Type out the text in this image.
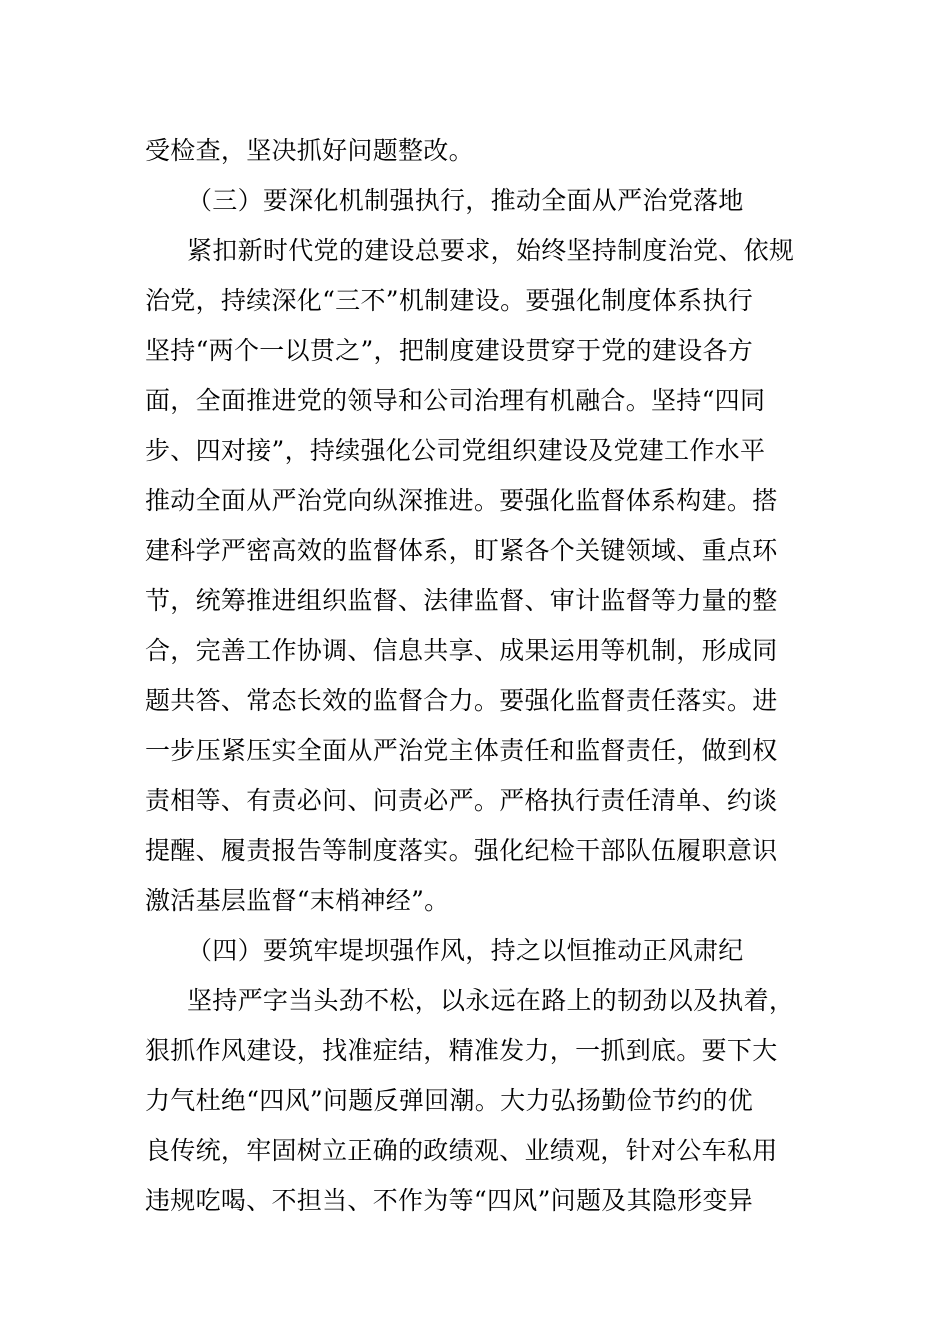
受检查，坚决抓好问题整改。
（三）要深化机制强执行，推动全面从严治党落地
紧扣新时代党的建设总要求，始终坚持制度治党、依规
治党，持续深化“三不”机制建设。要强化制度体系执行
坚持“两个一以贯之”，把制度建设贯穿于党的建设各方
面，全面推进党的领导和公司治理有机融合。坚持“四同
步、四对接”，持续强化公司党组织建设及党建工作水平
推动全面从严治党向纵深推进。要强化监督体系构建。搭
建科学严密高效的监督体系，盯紧各个关键领域、重点环
节，统筹推进组织监督、法律监督、审计监督等力量的整
合，完善工作协调、信息共享、成果运用等机制，形成同
题共答、常态长效的监督合力。要强化监督责任落实。进
一步压紧压实全面从严治党主体责任和监督责任，做到权
责相等、有责必问、问责必严。严格执行责任清单、约谈
提醒、履责报告等制度落实。强化纪检干部队伍履职意识
激活基层监督“末梢神经”。
（四）要筑牢堤坝强作风，持之以恒推动正风肃纪
坚持严字当头劲不松，以永远在路上的韧劲以及执着，
狠抓作风建设，找准症结，精准发力，一抓到底。要下大
力气杜绝“四风”问题反弹回潮。大力弘扬勤俭节约的优
良传统，牢固树立正确的政绩观、业绩观，针对公车私用
违规吃喝、不担当、不作为等“四风”问题及其隐形变异
